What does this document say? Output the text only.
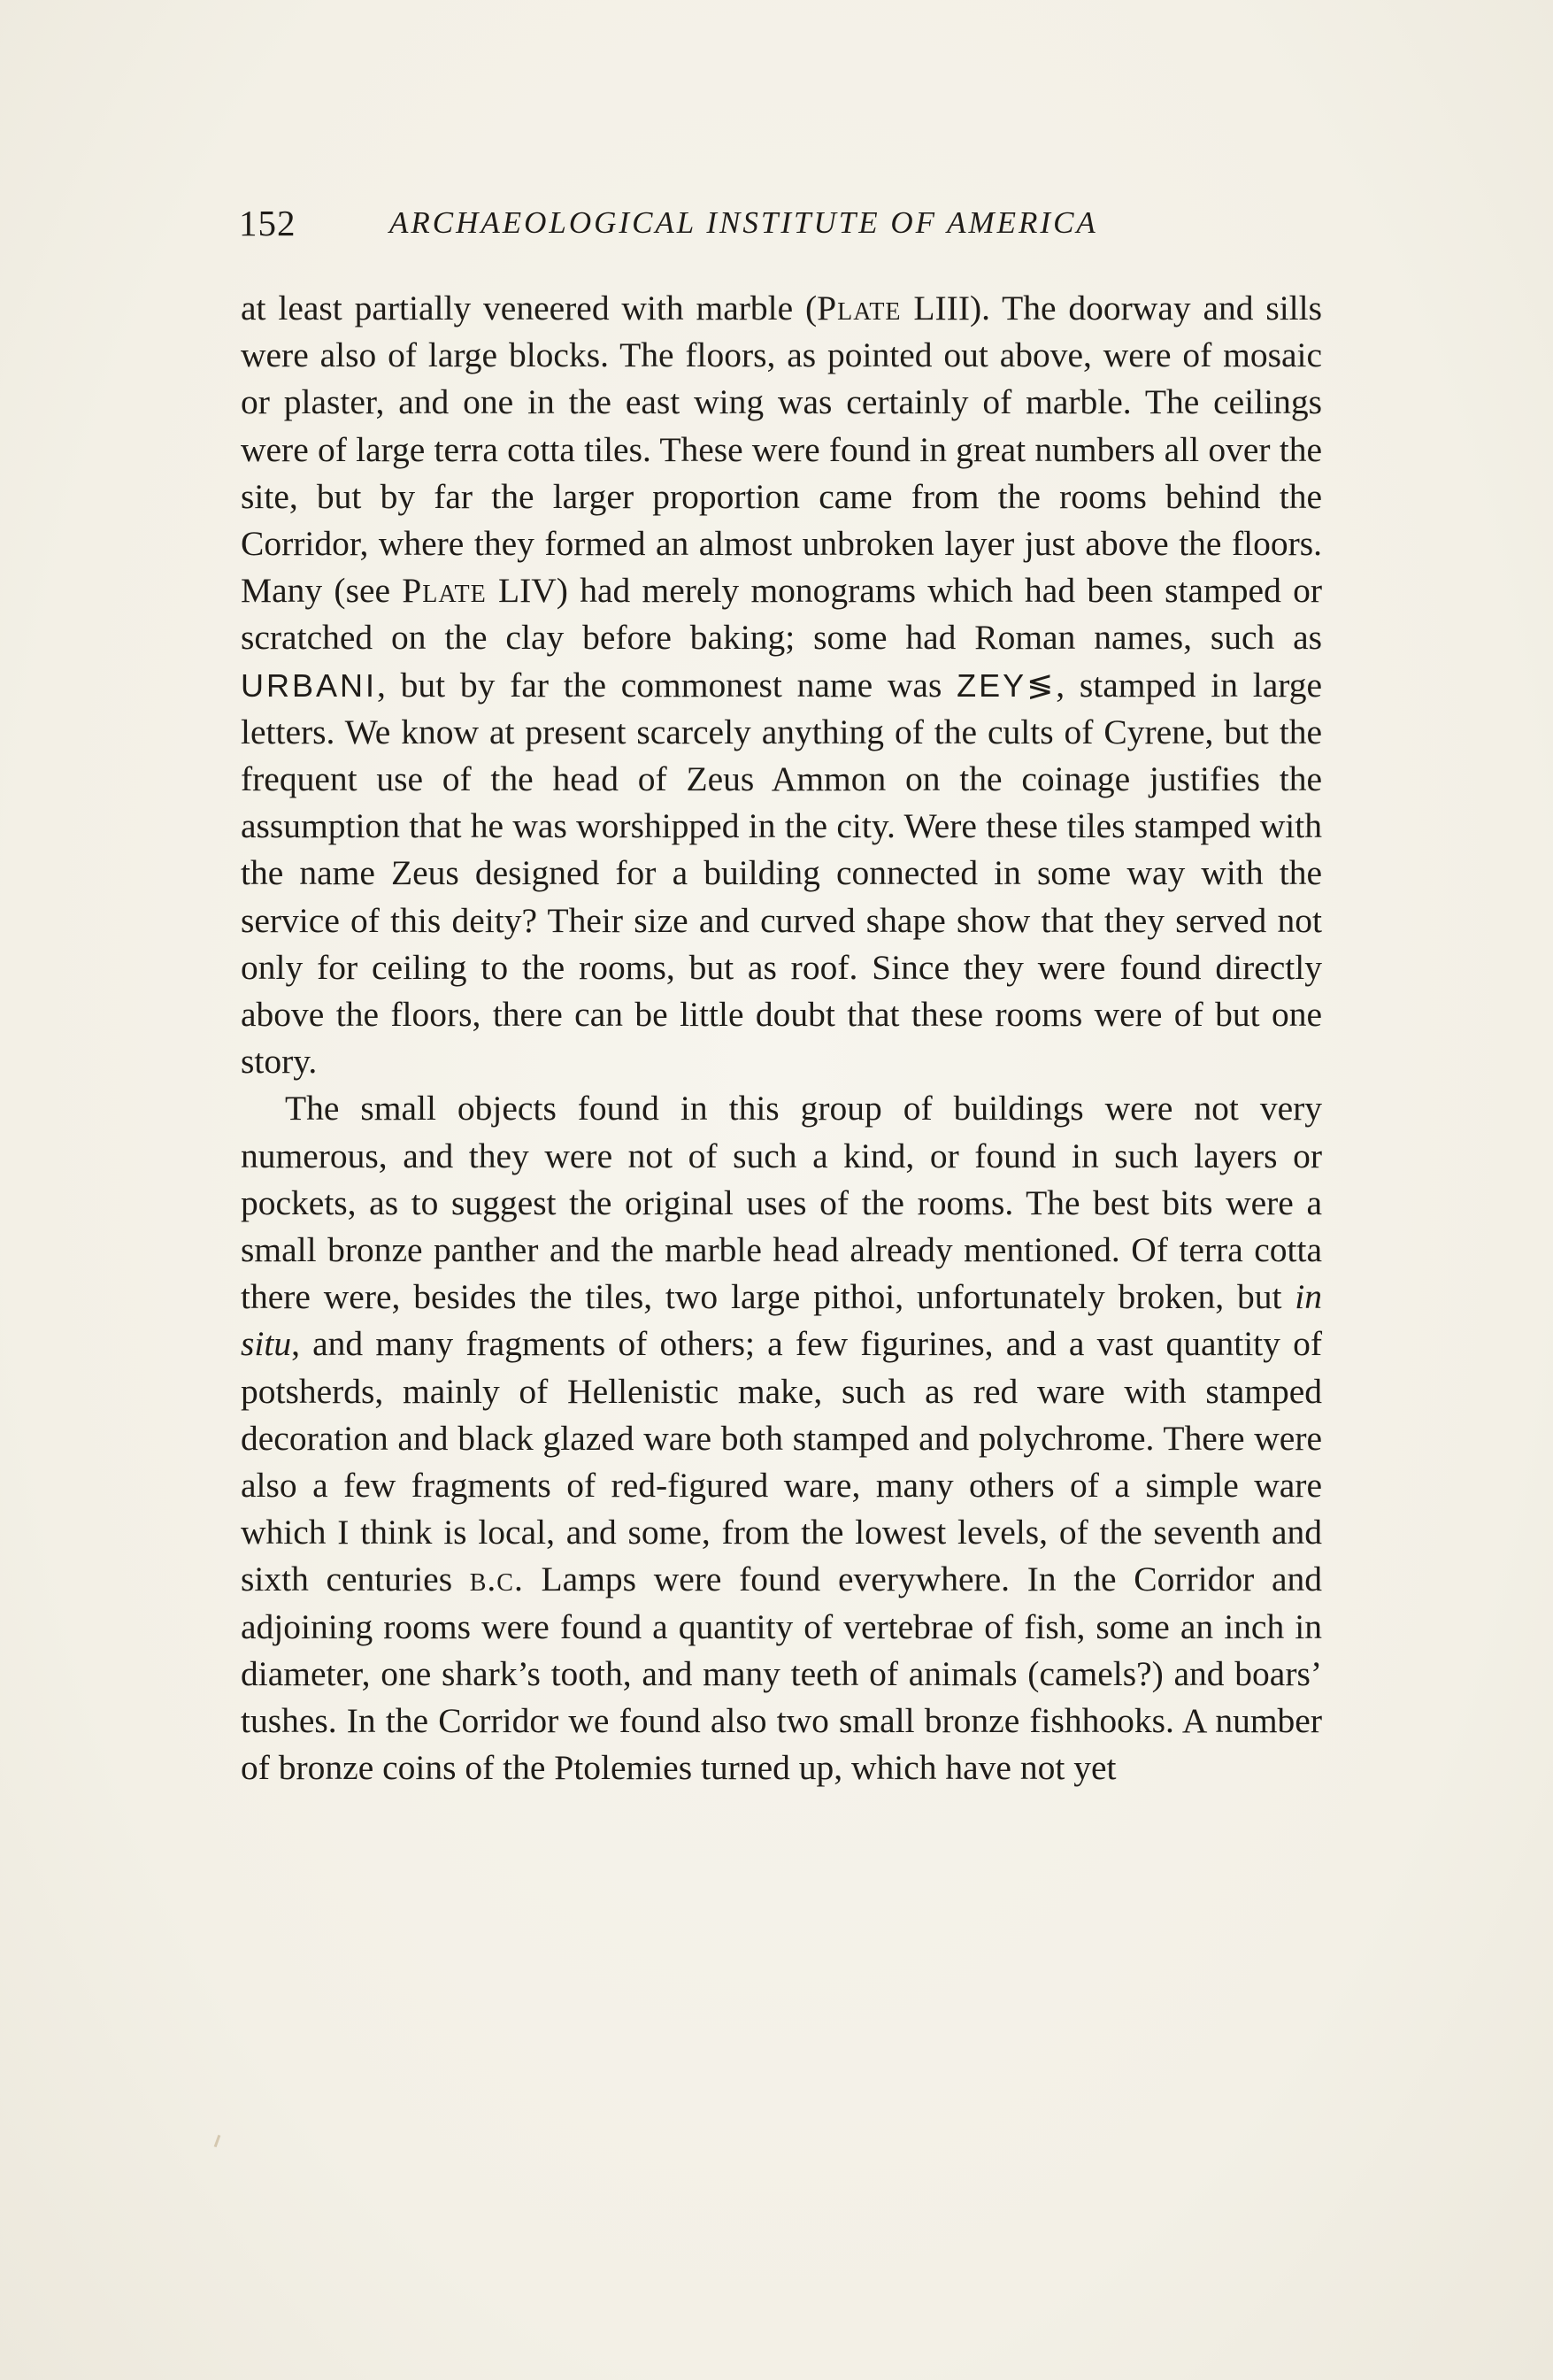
152	ARCHAEOLOGICAL INSTITUTE OF AMERICA

at least partially veneered with marble (Plate LIII). The doorway and sills were also of large blocks. The floors, as pointed out above, were of mosaic or plaster, and one in the east wing was certainly of marble. The ceilings were of large terra cotta tiles. These were found in great numbers all over the site, but by far the larger proportion came from the rooms behind the Corridor, where they formed an almost unbroken layer just above the floors. Many (see Plate LIV) had merely monograms which had been stamped or scratched on the clay before baking; some had Roman names, such as URBANI, but by far the commonest name was ZEY≶, stamped in large letters. We know at present scarcely anything of the cults of Cyrene, but the frequent use of the head of Zeus Ammon on the coinage justifies the assumption that he was worshipped in the city. Were these tiles stamped with the name Zeus designed for a building connected in some way with the service of this deity? Their size and curved shape show that they served not only for ceiling to the rooms, but as roof. Since they were found directly above the floors, there can be little doubt that these rooms were of but one story.

The small objects found in this group of buildings were not very numerous, and they were not of such a kind, or found in such layers or pockets, as to suggest the original uses of the rooms. The best bits were a small bronze panther and the marble head already mentioned. Of terra cotta there were, besides the tiles, two large pithoi, unfortunately broken, but in situ, and many fragments of others; a few figurines, and a vast quantity of potsherds, mainly of Hellenistic make, such as red ware with stamped decoration and black glazed ware both stamped and polychrome. There were also a few fragments of red-figured ware, many others of a simple ware which I think is local, and some, from the lowest levels, of the seventh and sixth centuries b.c. Lamps were found everywhere. In the Corridor and adjoining rooms were found a quantity of vertebrae of fish, some an inch in diameter, one shark’s tooth, and many teeth of animals (camels?) and boars’ tushes. In the Corridor we found also two small bronze fishhooks. A number of bronze coins of the Ptolemies turned up, which have not yet
